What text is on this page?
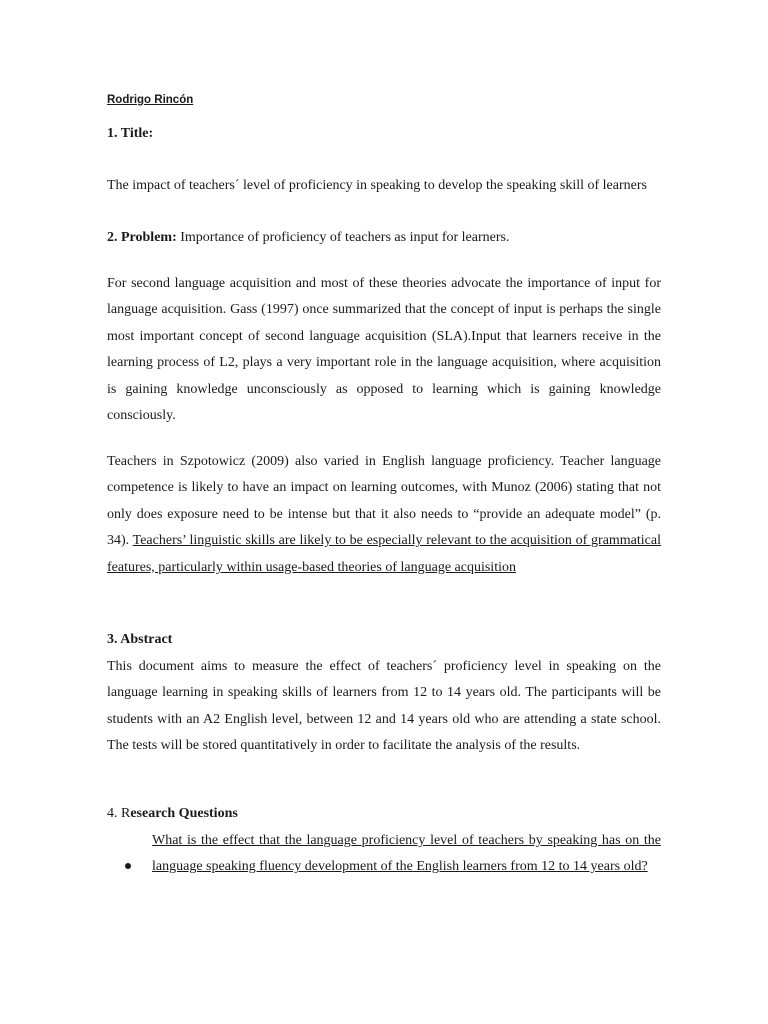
Rodrigo Rincón
1. Title:
The impact of teachers´ level of proficiency in speaking to develop the speaking skill of learners
2. Problem: Importance of proficiency of teachers as input for learners.
For second language acquisition and most of these theories advocate the importance of input for language acquisition. Gass (1997) once summarized that the concept of input is perhaps the single most important concept of second language acquisition (SLA).Input that learners receive in the learning process of L2, plays a very important role in the language acquisition, where acquisition is gaining knowledge unconsciously as opposed to learning which is gaining knowledge consciously.
Teachers in Szpotowicz (2009) also varied in English language proficiency. Teacher language competence is likely to have an impact on learning outcomes, with Munoz (2006) stating that not only does exposure need to be intense but that it also needs to “provide an adequate model” (p. 34). Teachers’ linguistic skills are likely to be especially relevant to the acquisition of grammatical features, particularly within usage-based theories of language acquisition
3. Abstract
This document aims to measure the effect of teachers´ proficiency level in speaking on the language learning in speaking skills of learners from 12 to 14 years old. The participants will be students with an A2 English level, between 12 and 14 years old who are attending a state school. The tests will be stored quantitatively in order to facilitate the analysis of the results.
4. Research Questions
What is the effect that the language proficiency level of teachers by speaking has on the language speaking fluency development of the English learners from 12 to 14 years old?
